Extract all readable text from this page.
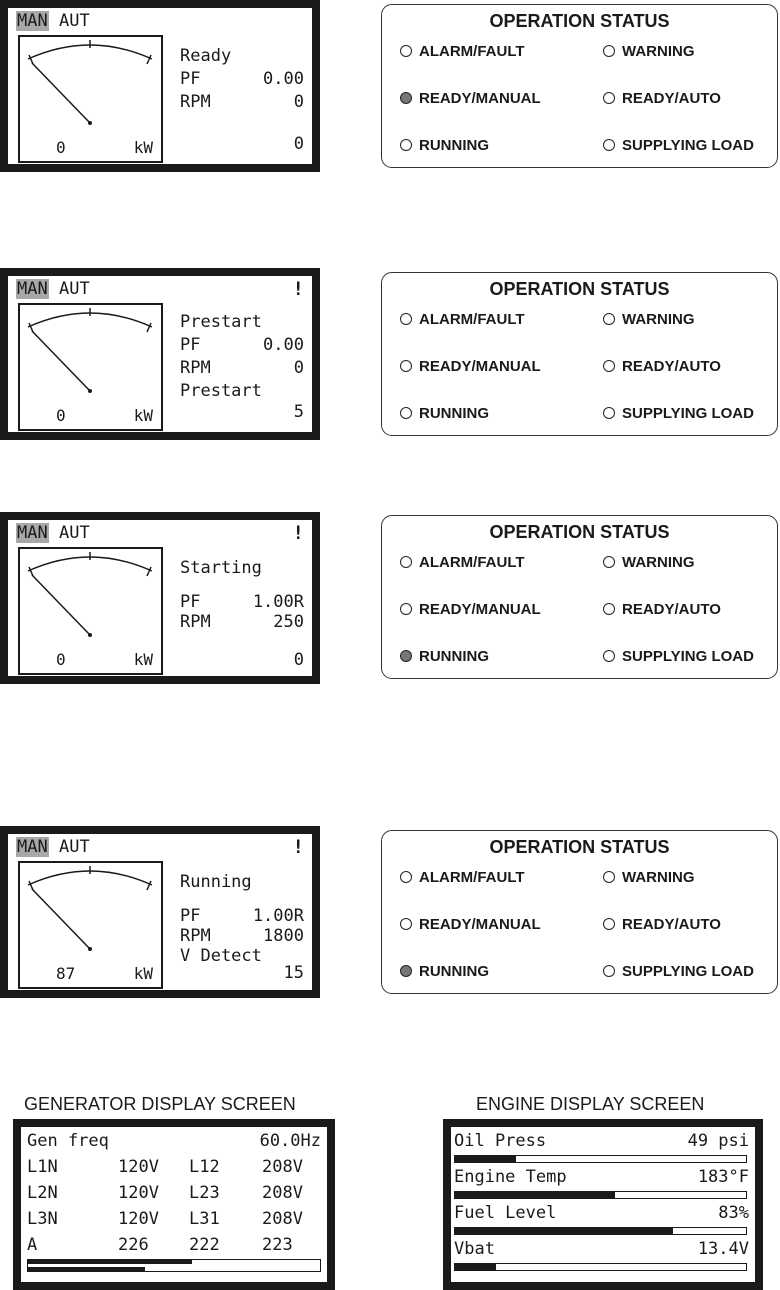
MAN AUT
0	kW
Ready
PF	0.00
RPM	0
0
MAN AUT	!
0	kW
Prestart
PF	0.00
RPM	0
Prestart
5
MAN AUT	!
0	kW
Starting
PF	1.00R
RPM	250
0
MAN AUT	!
87	kW
Running
PF	1.00R
RPM	1800
V Detect
15
OPERATION STATUS
ALARM/FAULT	WARNING
READY/MANUAL	READY/AUTO
RUNNING	SUPPLYING LOAD
OPERATION STATUS
ALARM/FAULT	WARNING
READY/MANUAL	READY/AUTO
RUNNING	SUPPLYING LOAD
OPERATION STATUS
ALARM/FAULT	WARNING
READY/MANUAL	READY/AUTO
RUNNING	SUPPLYING LOAD
OPERATION STATUS
ALARM/FAULT	WARNING
READY/MANUAL	READY/AUTO
RUNNING	SUPPLYING LOAD
GENERATOR DISPLAY SCREEN
Gen freq	60.0Hz
L1N	120V L12 208V
L2N	120V L23 208V
L3N	120V L31 208V
A	226 222 223
ENGINE DISPLAY SCREEN
Oil Press	49 psi
Engine Temp	183°F
Fuel Level	83%
Vbat	13.4V
